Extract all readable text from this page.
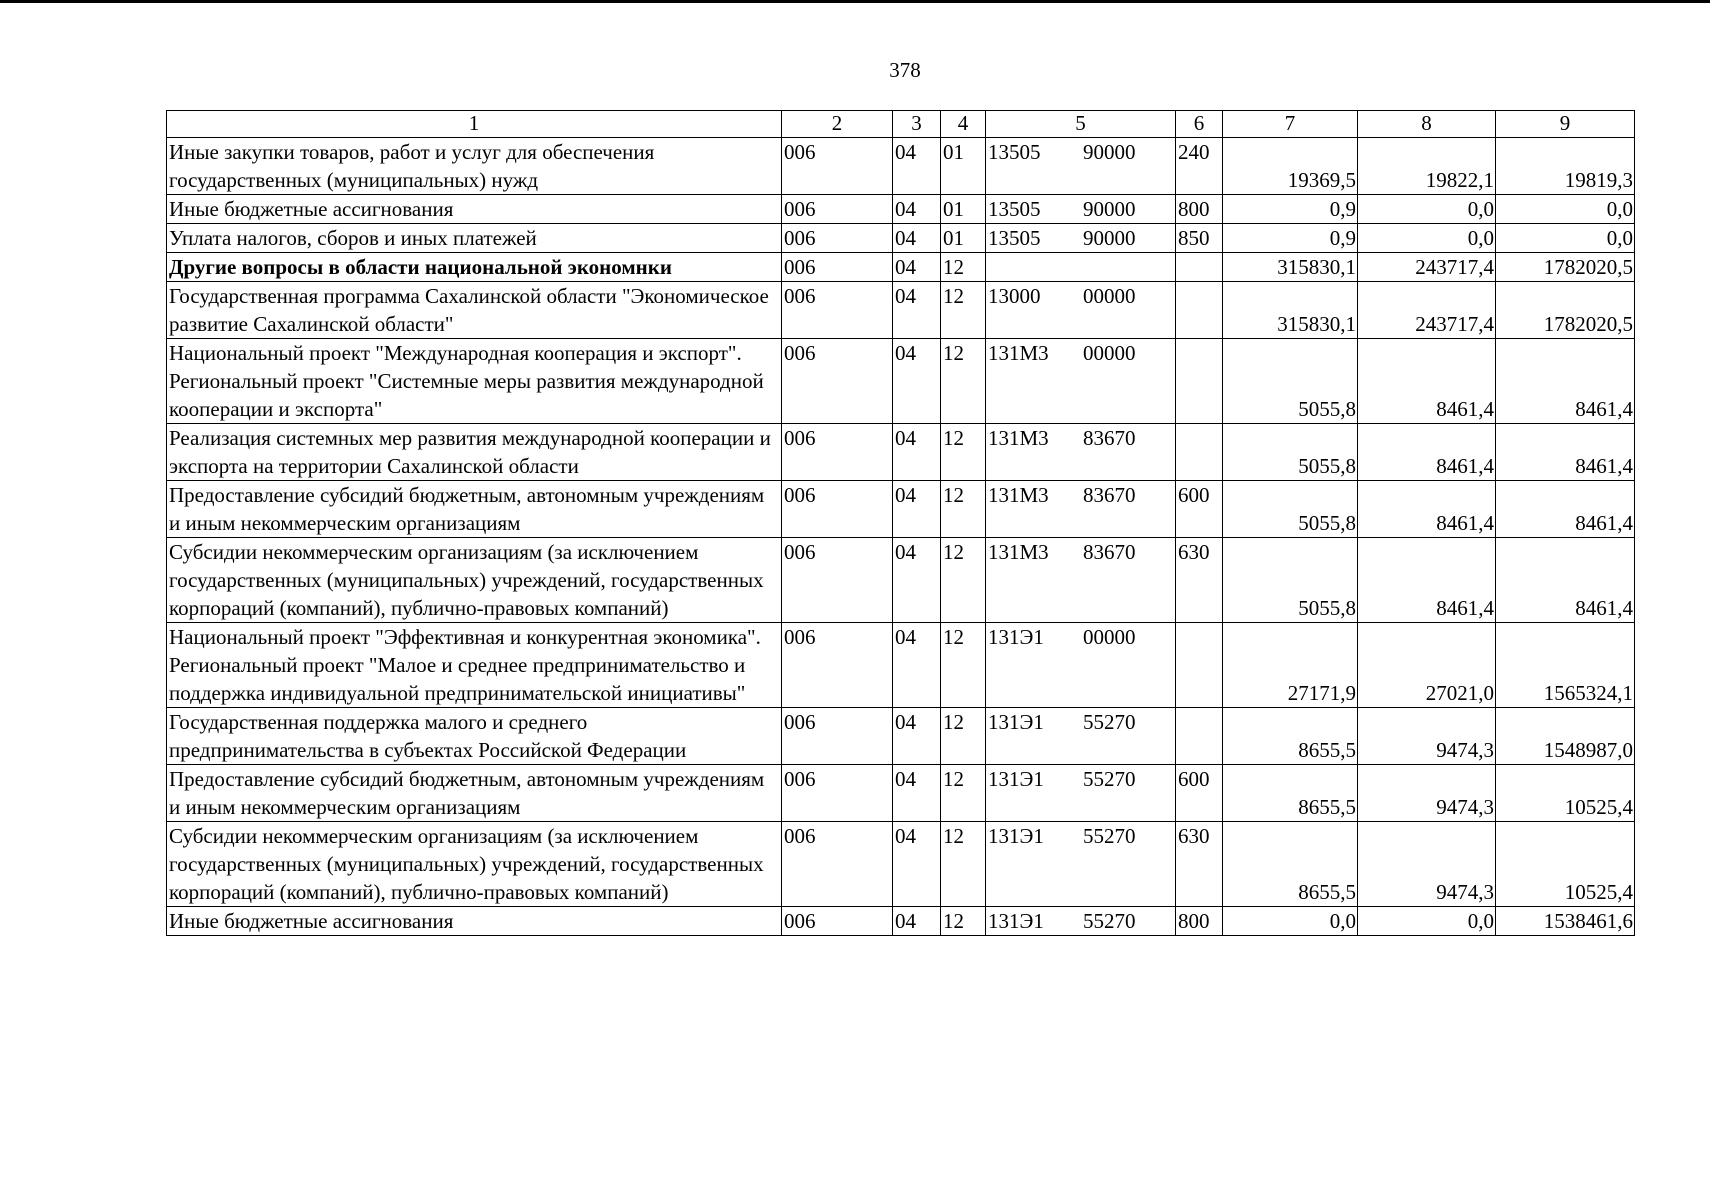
378
1	2	3	4	5	6	7	8	9
Иные закупки товаров, работ и услуг для обеспечения государственных (муниципальных) нужд	006	04	01	13505 90000	240	19369,5	19822,1	19819,3
Иные бюджетные ассигнования	006	04	01	13505 90000	800	0,9	0,0	0,0
Уплата налогов, сборов и иных платежей	006	04	01	13505 90000	850	0,9	0,0	0,0
Другие вопросы в области национальной экономнки	006	04	12			315830,1	243717,4	1782020,5
Государственная программа Сахалинской области "Экономическое развитие Сахалинской области"	006	04	12	13000 00000		315830,1	243717,4	1782020,5
Национальный проект "Международная кооперация и экспорт". Региональный проект "Системные меры развития международной кооперации и экспорта"	006	04	12	131М3 00000		5055,8	8461,4	8461,4
Реализация системных мер развития международной кооперации и экспорта на территории Сахалинской области	006	04	12	131М3 83670		5055,8	8461,4	8461,4
Предоставление субсидий бюджетным, автономным учреждениям и иным некоммерческим организациям	006	04	12	131М3 83670	600	5055,8	8461,4	8461,4
Субсидии некоммерческим организациям (за исключением государственных (муниципальных) учреждений, государственных корпораций (компаний), публично-правовых компаний)	006	04	12	131М3 83670	630	5055,8	8461,4	8461,4
Национальный проект "Эффективная и конкурентная экономика". Региональный проект "Малое и среднее предпринимательство и поддержка индивидуальной предпринимательской инициативы"	006	04	12	131Э1 00000		27171,9	27021,0	1565324,1
Государственная поддержка малого и среднего предпринимательства в субъектах Российской Федерации	006	04	12	131Э1 55270		8655,5	9474,3	1548987,0
Предоставление субсидий бюджетным, автономным учреждениям и иным некоммерческим организациям	006	04	12	131Э1 55270	600	8655,5	9474,3	10525,4
Субсидии некоммерческим организациям (за исключением государственных (муниципальных) учреждений, государственных корпораций (компаний), публично-правовых компаний)	006	04	12	131Э1 55270	630	8655,5	9474,3	10525,4
Иные бюджетные ассигнования	006	04	12	131Э1 55270	800	0,0	0,0	1538461,6
